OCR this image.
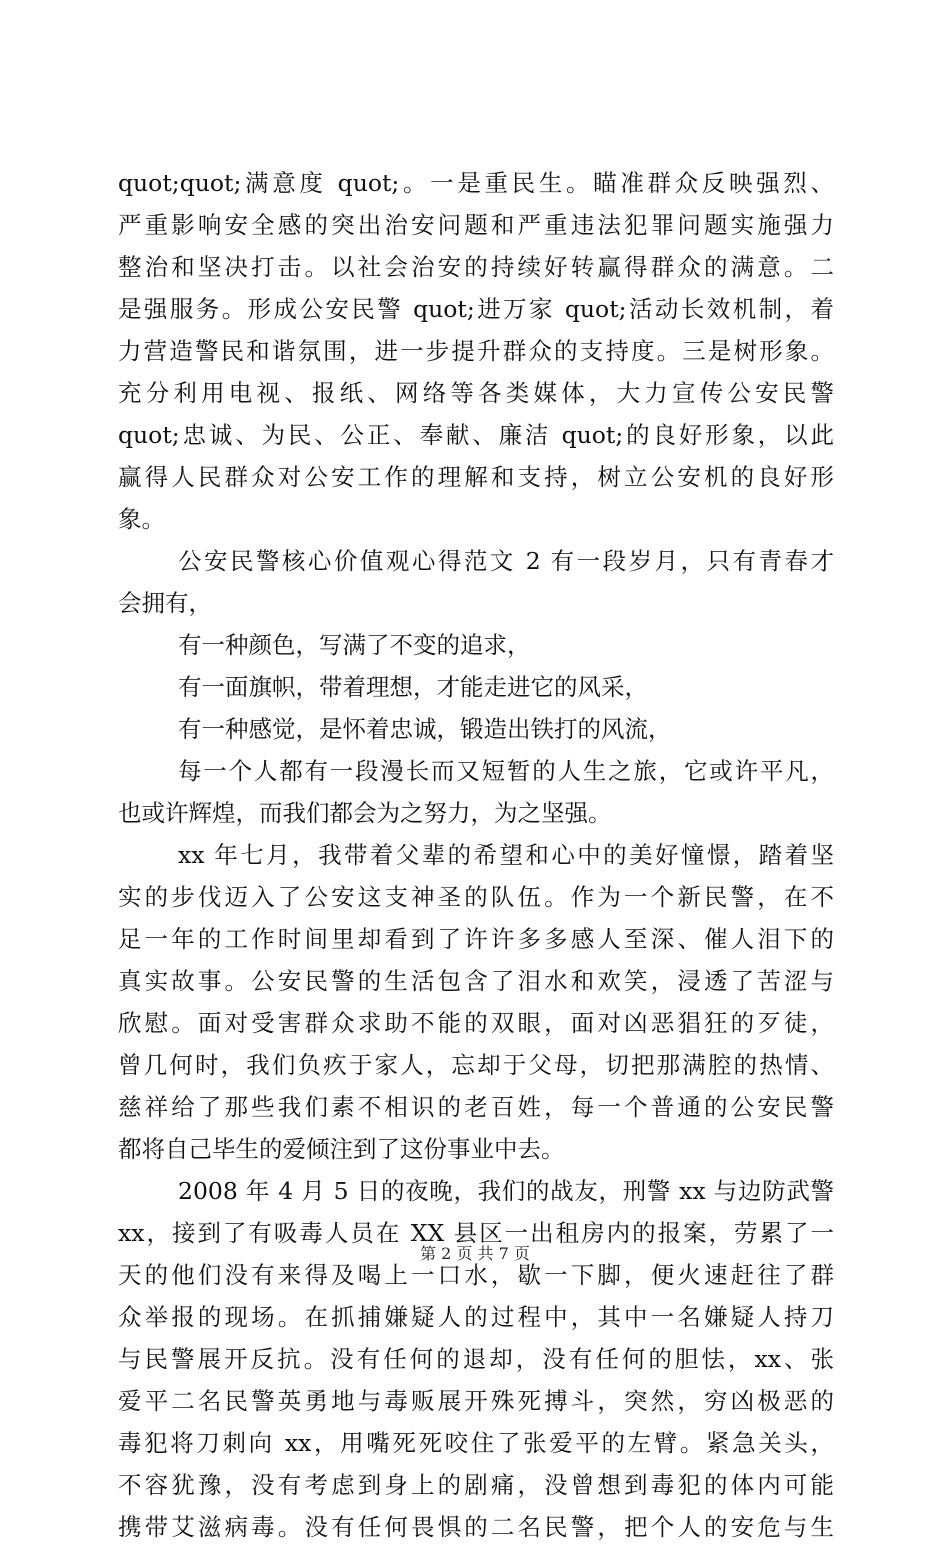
quot;quot;满意度 quot;。一是重民生。瞄准群众反映强烈、
严重影响安全感的突出治安问题和严重违法犯罪问题实施强力
整治和坚决打击。以社会治安的持续好转赢得群众的满意。二
是强服务。形成公安民警 quot;进万家 quot;活动长效机制，着
力营造警民和谐氛围，进一步提升群众的支持度。三是树形象。
充分利用电视、报纸、网络等各类媒体，大力宣传公安民警
quot;忠诚、为民、公正、奉献、廉洁 quot;的良好形象，以此
赢得人民群众对公安工作的理解和支持，树立公安机的良好形
象。
公安民警核心价值观心得范文 2 有一段岁月，只有青春才
会拥有，
有一种颜色，写满了不变的追求，
有一面旗帜，带着理想，才能走进它的风采，
有一种感觉，是怀着忠诚，锻造出铁打的风流，
每一个人都有一段漫长而又短暂的人生之旅，它或许平凡，
也或许辉煌，而我们都会为之努力，为之坚强。
xx 年七月，我带着父辈的希望和心中的美好憧憬，踏着坚
实的步伐迈入了公安这支神圣的队伍。作为一个新民警，在不
足一年的工作时间里却看到了许许多多感人至深、催人泪下的
真实故事。公安民警的生活包含了泪水和欢笑，浸透了苦涩与
欣慰。面对受害群众求助不能的双眼，面对凶恶猖狂的歹徒，
曾几何时，我们负疚于家人，忘却于父母，切把那满腔的热情、
慈祥给了那些我们素不相识的老百姓，每一个普通的公安民警
都将自己毕生的爱倾注到了这份事业中去。
2008 年 4 月 5 日的夜晚，我们的战友，刑警 xx 与边防武警
xx，接到了有吸毒人员在 XX 县区一出租房内的报案，劳累了一
天的他们没有来得及喝上一口水，歇一下脚，便火速赶往了群
众举报的现场。在抓捕嫌疑人的过程中，其中一名嫌疑人持刀
与民警展开反抗。没有任何的退却，没有任何的胆怯，xx、张
爱平二名民警英勇地与毒贩展开殊死搏斗，突然，穷凶极恶的
毒犯将刀刺向 xx，用嘴死死咬住了张爱平的左臂。紧急关头，
不容犹豫，没有考虑到身上的剧痛，没曾想到毒犯的体内可能
携带艾滋病毒。没有任何畏惧的二名民警，把个人的安危与生
第 2 页 共 7 页
